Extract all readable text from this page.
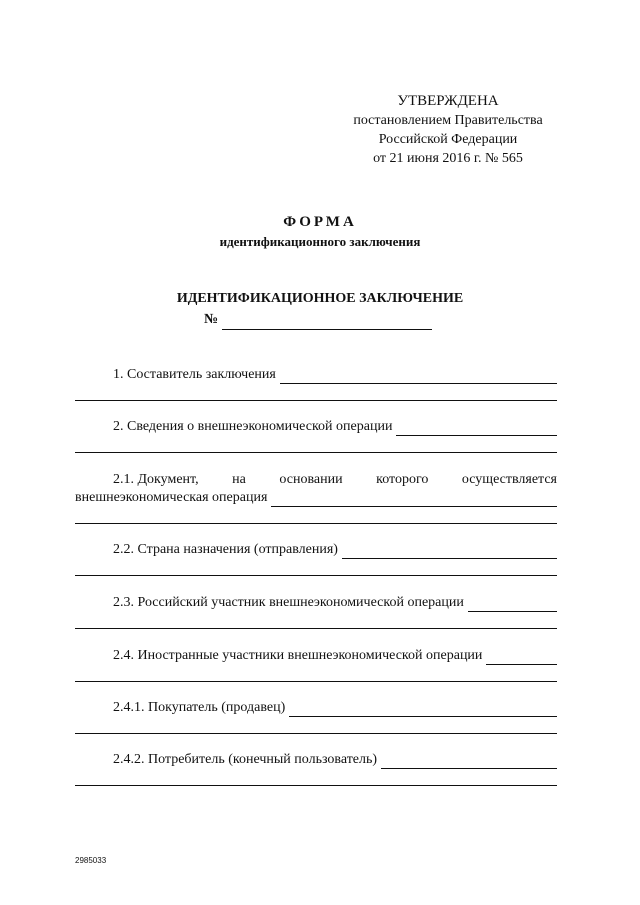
УТВЕРЖДЕНА
постановлением Правительства
Российской Федерации
от 21 июня 2016 г. № 565
ФОРМА
идентификационного заключения
ИДЕНТИФИКАЦИОННОЕ ЗАКЛЮЧЕНИЕ
№
1. Составитель заключения
2. Сведения о внешнеэкономической операции
2.1. Документ, на основании которого осуществляется
внешнеэкономическая операция
2.2. Страна назначения (отправления)
2.3. Российский участник внешнеэкономической операции
2.4. Иностранные участники внешнеэкономической операции
2.4.1. Покупатель (продавец)
2.4.2. Потребитель (конечный пользователь)
2985033
